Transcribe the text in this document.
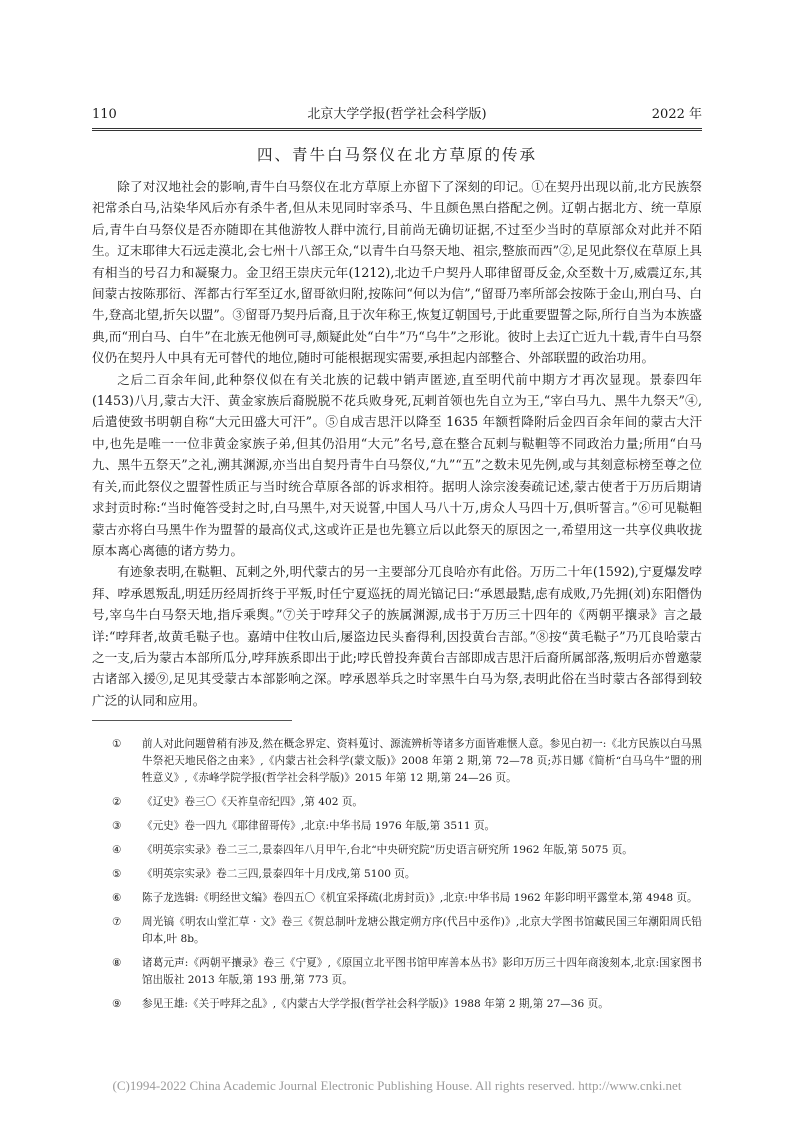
110	北京大学学报(哲学社会科学版)	2022 年
四、青牛白马祭仪在北方草原的传承

除了对汉地社会的影响,青牛白马祭仪在北方草原上亦留下了深刻的印记。①在契丹出现以前,北方民族祭祀常杀白马,沾染华风后亦有杀牛者,但从未见同时宰杀马、牛且颜色黑白搭配之例。辽朝占据北方、统一草原后,青牛白马祭仪是否亦随即在其他游牧人群中流行,目前尚无确切证据,不过至少当时的草原部众对此并不陌生。辽末耶律大石远走漠北,会七州十八部王众,“以青牛白马祭天地、祖宗,整旅而西”②,足见此祭仪在草原上具有相当的号召力和凝聚力。金卫绍王崇庆元年(1212),北边千户契丹人耶律留哥反金,众至数十万,威震辽东,其间蒙古按陈那衍、浑都古行军至辽水,留哥欲归附,按陈问“何以为信”,“留哥乃率所部会按陈于金山,刑白马、白牛,登高北望,折矢以盟”。③留哥乃契丹后裔,且于次年称王,恢复辽朝国号,于此重要盟誓之际,所行自当为本族盛典,而“刑白马、白牛”在北族无他例可寻,颇疑此处“白牛”乃“乌牛”之形讹。彼时上去辽亡近九十载,青牛白马祭仪仍在契丹人中具有无可替代的地位,随时可能根据现实需要,承担起内部整合、外部联盟的政治功用。

之后二百余年间,此种祭仪似在有关北族的记载中销声匿迹,直至明代前中期方才再次显现。景泰四年(1453)八月,蒙古大汗、黄金家族后裔脱脱不花兵败身死,瓦剌首领也先自立为王,“宰白马九、黑牛九祭天”④,后遣使致书明朝自称“大元田盛大可汗”。⑤自成吉思汗以降至 1635 年额哲降附后金四百余年间的蒙古大汗中,也先是唯一一位非黄金家族子弟,但其仍沿用“大元”名号,意在整合瓦剌与鞑靼等不同政治力量;所用“白马九、黑牛五祭天”之礼,溯其渊源,亦当出自契丹青牛白马祭仪,“九”“五”之数未见先例,或与其刻意标榜至尊之位有关,而此祭仪之盟誓性质正与当时统合草原各部的诉求相符。据明人涂宗浚奏疏记述,蒙古使者于万历后期请求封贡时称:“当时俺答受封之时,白马黑牛,对天说誓,中国人马八十万,虏众人马四十万,俱听誓言。”⑥可见鞑靼蒙古亦将白马黑牛作为盟誓的最高仪式,这或许正是也先篡立后以此祭天的原因之一,希望用这一共享仪典收拢原本离心离德的诸方势力。

有迹象表明,在鞑靼、瓦剌之外,明代蒙古的另一主要部分兀良哈亦有此俗。万历二十年(1592),宁夏爆发哱拜、哱承恩叛乱,明廷历经周折终于平叛,时任宁夏巡抚的周光镐记曰:“承恩最黠,虑有成败,乃先拥(刘)东阳僭伪号,宰乌牛白马祭天地,指斥乘舆。”⑦关于哱拜父子的族属渊源,成书于万历三十四年的《两朝平攘录》言之最详:“哱拜者,故黄毛鞑子也。嘉靖中住牧山后,屡盗边民头畜得利,因投黄台吉部。”⑧按“黄毛鞑子”乃兀良哈蒙古之一支,后为蒙古本部所瓜分,哱拜族系即出于此;哱氏曾投奔黄台吉部即成吉思汗后裔所属部落,叛明后亦曾邀蒙古诸部入援⑨,足见其受蒙古本部影响之深。哱承恩举兵之时宰黑牛白马为祭,表明此俗在当时蒙古各部得到较广泛的认同和应用。

①	前人对此问题曾稍有涉及,然在概念界定、资料蒐讨、源流辨析等诸多方面皆难惬人意。参见白初一:《北方民族以白马黑牛祭祀天地民俗之由来》,《内蒙古社会科学(蒙文版)》2008 年第 2 期,第 72—78 页;苏日娜《简析“白马乌牛”盟的刑牲意义》,《赤峰学院学报(哲学社会科学版)》2015 年第 12 期,第 24—26 页。
②	《辽史》卷三〇《天祚皇帝纪四》,第 402 页。
③	《元史》卷一四九《耶律留哥传》,北京:中华书局 1976 年版,第 3511 页。
④	《明英宗实录》卷二三二,景泰四年八月甲午,台北“中央研究院”历史语言研究所 1962 年版,第 5075 页。
⑤	《明英宗实录》卷二三四,景泰四年十月戊戌,第 5100 页。
⑥	陈子龙选辑:《明经世文编》卷四五〇《机宜采择疏(北虏封贡)》,北京:中华书局 1962 年影印明平露堂本,第 4948 页。
⑦	周光镐《明农山堂汇草 · 文》卷三《贺总制叶龙塘公戡定朔方序(代吕中丞作)》,北京大学图书馆藏民国三年潮阳周氏铅印本,叶 8b。
⑧	诸葛元声:《两朝平攘录》卷三《宁夏》,《原国立北平图书馆甲库善本丛书》影印万历三十四年商浚刻本,北京:国家图书馆出版社 2013 年版,第 193 册,第 773 页。
⑨	参见王雄:《关于哱拜之乱》,《内蒙古大学学报(哲学社会科学版)》1988 年第 2 期,第 27—36 页。
(C)1994-2022 China Academic Journal Electronic Publishing House. All rights reserved. http://www.cnki.net
